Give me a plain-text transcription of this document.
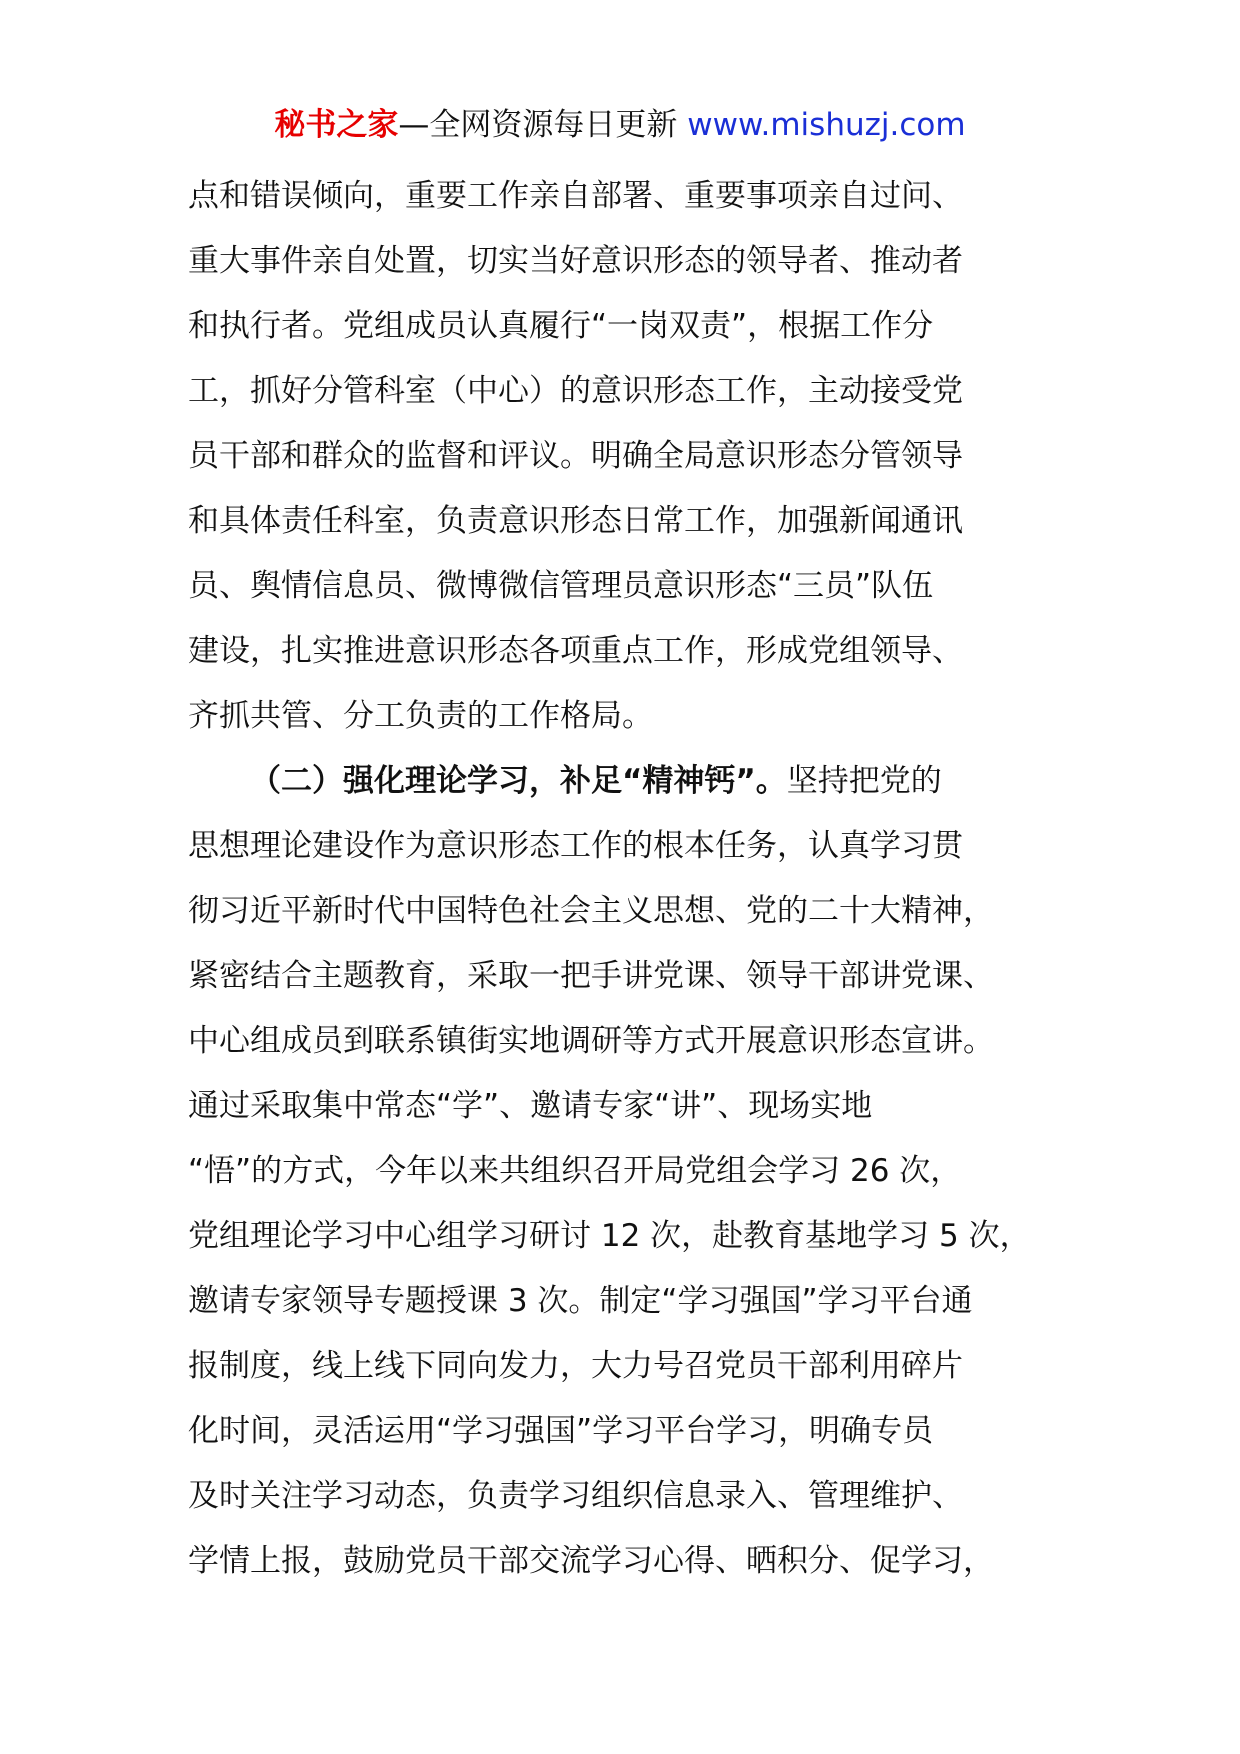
秘书之家—全网资源每日更新 www.mishuzj.com
点和错误倾向，重要工作亲自部署、重要事项亲自过问、
重大事件亲自处置，切实当好意识形态的领导者、推动者
和执行者。党组成员认真履行“一岗双责”，根据工作分
工，抓好分管科室（中心）的意识形态工作，主动接受党
员干部和群众的监督和评议。明确全局意识形态分管领导
和具体责任科室，负责意识形态日常工作，加强新闻通讯
员、舆情信息员、微博微信管理员意识形态“三员”队伍
建设，扎实推进意识形态各项重点工作，形成党组领导、
齐抓共管、分工负责的工作格局。
（二）强化理论学习，补足“精神钙”。坚持把党的
思想理论建设作为意识形态工作的根本任务，认真学习贯
彻习近平新时代中国特色社会主义思想、党的二十大精神，
紧密结合主题教育，采取一把手讲党课、领导干部讲党课、
中心组成员到联系镇街实地调研等方式开展意识形态宣讲。
通过采取集中常态“学”、邀请专家“讲”、现场实地
“悟”的方式，今年以来共组织召开局党组会学习 26 次，
党组理论学习中心组学习研讨 12 次，赴教育基地学习 5 次，
邀请专家领导专题授课 3 次。制定“学习强国”学习平台通
报制度，线上线下同向发力，大力号召党员干部利用碎片
化时间，灵活运用“学习强国”学习平台学习，明确专员
及时关注学习动态，负责学习组织信息录入、管理维护、
学情上报，鼓励党员干部交流学习心得、晒积分、促学习，
